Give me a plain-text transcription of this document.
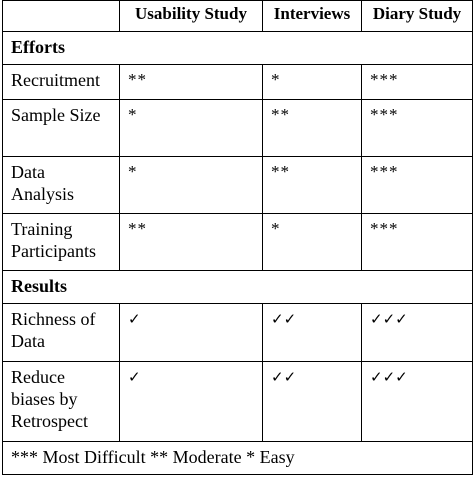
	Usability Study	Interviews	Diary Study
Efforts			
Recruitment	**	*	***
Sample Size	*	**	***
Data Analysis	*	**	***
Training Participants	**	*	***
Results			
Richness of Data	✓	✓✓	✓✓✓
Reduce biases by Retrospect	✓	✓✓	✓✓✓
*** Most Difficult ** Moderate * Easy			
